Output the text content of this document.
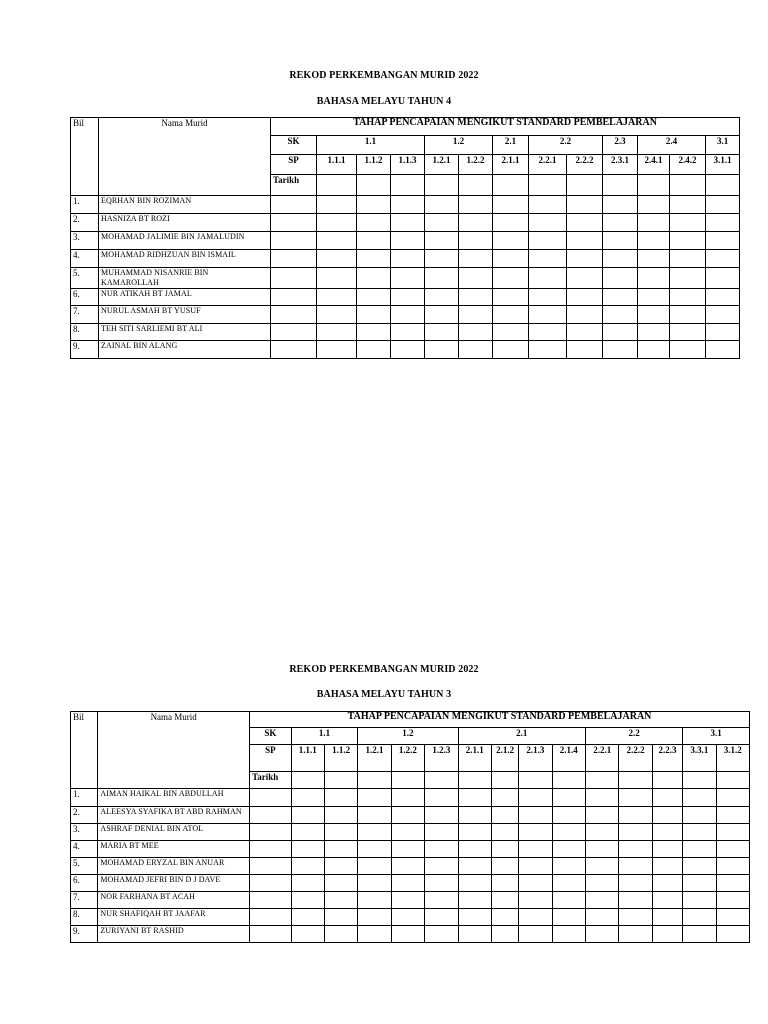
REKOD PERKEMBANGAN MURID 2022
BAHASA MELAYU TAHUN 4
Bil	Nama Murid	TAHAP PENCAPAIAN MENGIKUT STANDARD PEMBELAJARAN												
		SK	1.1			1.2		2.1	2.2		2.3	2.4		3.1
		SP	1.1.1	1.1.2	1.1.3	1.2.1	1.2.2	2.1.1	2.2.1	2.2.2	2.3.1	2.4.1	2.4.2	3.1.1
		Tarikh												
1.	EQRHAN BIN ROZIMAN													
2.	HASNIZA BT ROZI													
3.	MOHAMAD JALIMIE BIN JAMALUDIN													
4.	MOHAMAD RIDHZUAN BIN ISMAIL													
5.	MUHAMMAD NISANRIE BIN KAMAROLLAH													
6.	NUR ATIKAH BT JAMAL													
7.	NURUL ASMAH BT YUSUF													
8.	TEH SITI SARLIEMI BT ALI													
9.	ZAINAL BIN ALANG													
REKOD PERKEMBANGAN MURID 2022
BAHASA MELAYU TAHUN 3
Bil	Nama Murid	TAHAP PENCAPAIAN MENGIKUT STANDARD PEMBELAJARAN														
		SK	1.1		1.2			2.1				2.2			3.1	
		SP	1.1.1	1.1.2	1.2.1	1.2.2	1.2.3	2.1.1	2.1.2	2.1.3	2.1.4	2.2.1	2.2.2	2.2.3	3.3.1	3.1.2
		Tarikh														
1.	AIMAN HAIKAL BIN ABDULLAH															
2.	ALEESYA SYAFIKA BT ABD RAHMAN															
3.	ASHRAF DENIAL BIN ATOL															
4.	MARIA BT MEE															
5.	MOHAMAD ERYZAL BIN ANUAR															
6.	MOHAMAD JEFRI BIN D J DAVE															
7.	NOR FARHANA BT ACAH															
8.	NUR SHAFIQAH BT JAAFAR															
9.	ZURIYANI BT RASHID															
